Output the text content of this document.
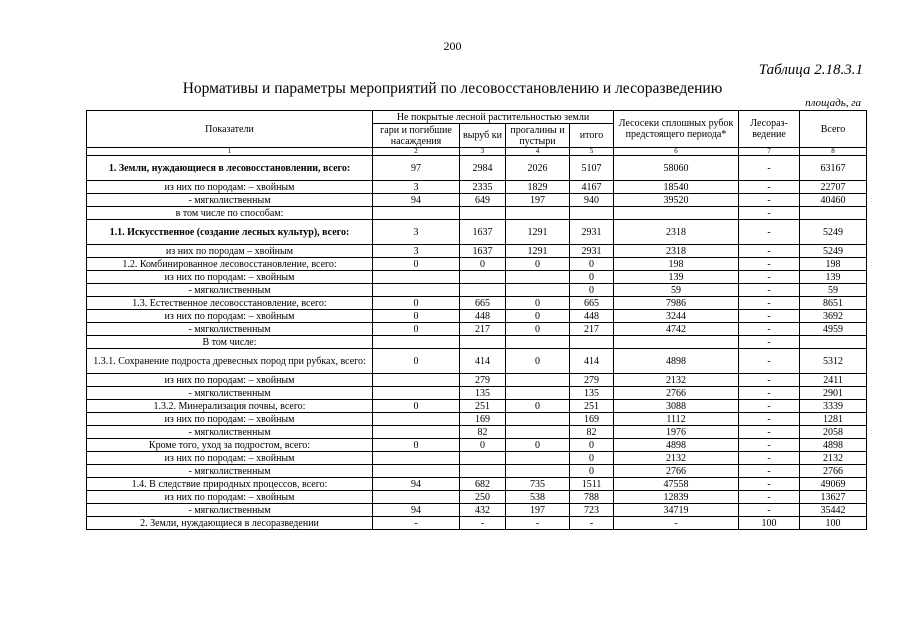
200
Таблица 2.18.3.1
Нормативы и параметры мероприятий по лесовосстановлению и лесоразведению
площадь, га
Показатели	Не покрытые лесной растительностью земли				Лесосеки сплошных рубок предстоящего периода*	Лесораз- ведение	Всего
	гари и погибшие насаждения	выруб ки	прогалины и пустыри	итого			
1	2	3	4	5	6	7	8
1. Земли, нуждающиеся в лесовосстановлении, всего:	97	2984	2026	5107	58060	-	63167
из них по породам: – хвойным	3	2335	1829	4167	18540	-	22707
- мягколиственным	94	649	197	940	39520	-	40460
в том числе по способам:						-	
1.1. Искусственное (создание лесных культур), всего:	3	1637	1291	2931	2318	-	5249
из них по породам – хвойным	3	1637	1291	2931	2318	-	5249
1.2. Комбинированное лесовосстановление, всего:	0	0	0	0	198	-	198
из них по породам: – хвойным				0	139	-	139
- мягколиственным				0	59	-	59
1.3. Естественное лесовосстановление, всего:	0	665	0	665	7986	-	8651
из них по породам: – хвойным	0	448	0	448	3244	-	3692
- мягколиственным	0	217	0	217	4742	-	4959
В том числе:						-	
1.3.1. Сохранение подроста древесных пород при рубках, всего:	0	414	0	414	4898	-	5312
из них по породам: – хвойным		279		279	2132	-	2411
- мягколиственным		135		135	2766	-	2901
1.3.2. Минерализация почвы, всего:	0	251	0	251	3088	-	3339
из них по породам: – хвойным		169		169	1112	-	1281
- мягколиственным		82		82	1976	-	2058
Кроме того, уход за подростом, всего:	0	0	0	0	4898	-	4898
из них по породам: – хвойным				0	2132	-	2132
- мягколиственным				0	2766	-	2766
1.4. В следствие природных процессов, всего:	94	682	735	1511	47558	-	49069
из них по породам: – хвойным		250	538	788	12839	-	13627
- мягколиственным	94	432	197	723	34719	-	35442
2. Земли, нуждающиеся в лесоразведении	-	-	-	-	-	100	100
